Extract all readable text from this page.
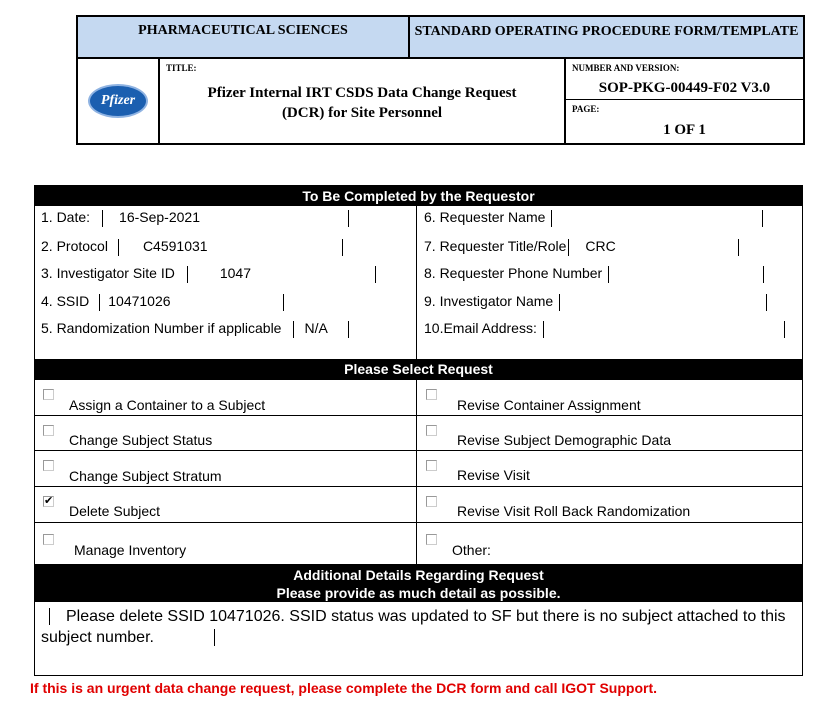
PHARMACEUTICAL SCIENCES	STANDARD OPERATING PROCEDURE FORM/TEMPLATE
Pfizer
TITLE:
Pfizer Internal IRT CSDS Data Change Request
(DCR) for Site Personnel
NUMBER AND VERSION:
SOP-PKG-00449-F02 V3.0
PAGE:
1 OF 1
To Be Completed by the Requestor
1. Date: 16-Sep-2021
2. Protocol	C4591031
3. Investigator Site ID	1047
4. SSID 10471026
5. Randomization Number if applicable N/A
6. Requester Name
7. Requester Title/Role CRC
8. Requester Phone Number
9. Investigator Name
10.Email Address:
Please Select Request
Assign a Container to a Subject	Revise Container Assignment
Change Subject Status	Revise Subject Demographic Data
Change Subject Stratum	Revise Visit
✔
Delete Subject	Revise Visit Roll Back Randomization
Manage Inventory	Other:
Additional Details Regarding Request
Please provide as much detail as possible.
Please delete SSID 10471026. SSID status was updated to SF but there is no subject attached to this subject number.
If this is an urgent data change request, please complete the DCR form and call IGOT Support.
